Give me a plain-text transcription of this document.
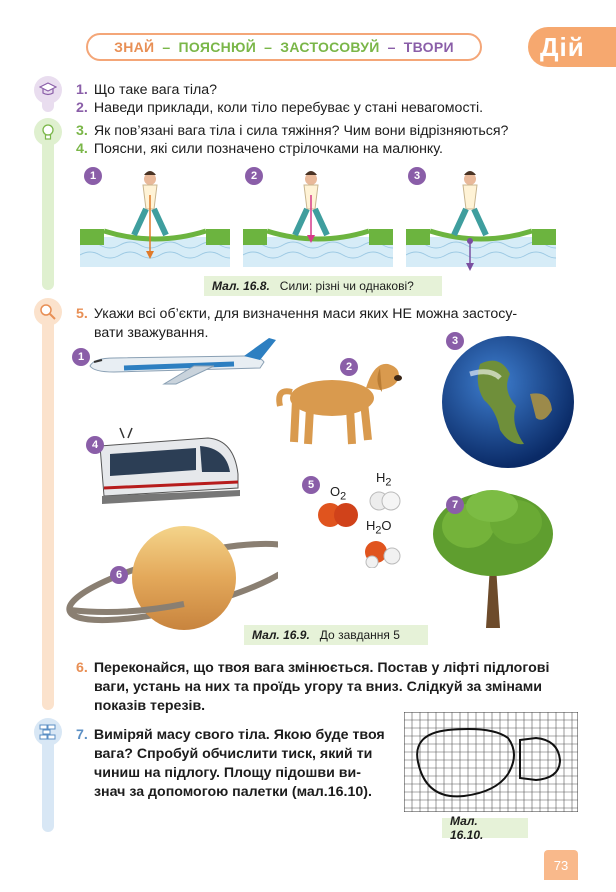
ЗНАЙ – ПОЯСНЮЙ – ЗАСТОСОВУЙ – ТВОРИ	Дій
1. Що таке вага тіла?
2. Наведи приклади, коли тіло перебуває у стані невагомості.
3. Як пов’язані вага тіла і сила тяжіння? Чим вони відрізняються?
4. Поясни, які сили позначено стрілочками на малюнку.
1	2	3
Мал. 16.8. Сили: різні чи однакові?
5. Укажи всі об’єкти, для визначення маси яких НЕ можна застосу-
вати зважування.
1
2
3
4
5	$O_2$
$H_2$
$H_2O$
7
6
Мал. 16.9. До завдання 5
6. Переконайся, що твоя вага змінюється. Постав у ліфті підлогові
ваги, устань на них та проїдь угору та вниз. Слідкуй за змінами
показів терезів.
7. Виміряй масу свого тіла. Якою буде твоя
вага? Спробуй обчислити тиск, який ти
чиниш на підлогу. Площу підошви ви-
знач за допомогою палетки (мал.16.10).
Мал. 16.10.
73
